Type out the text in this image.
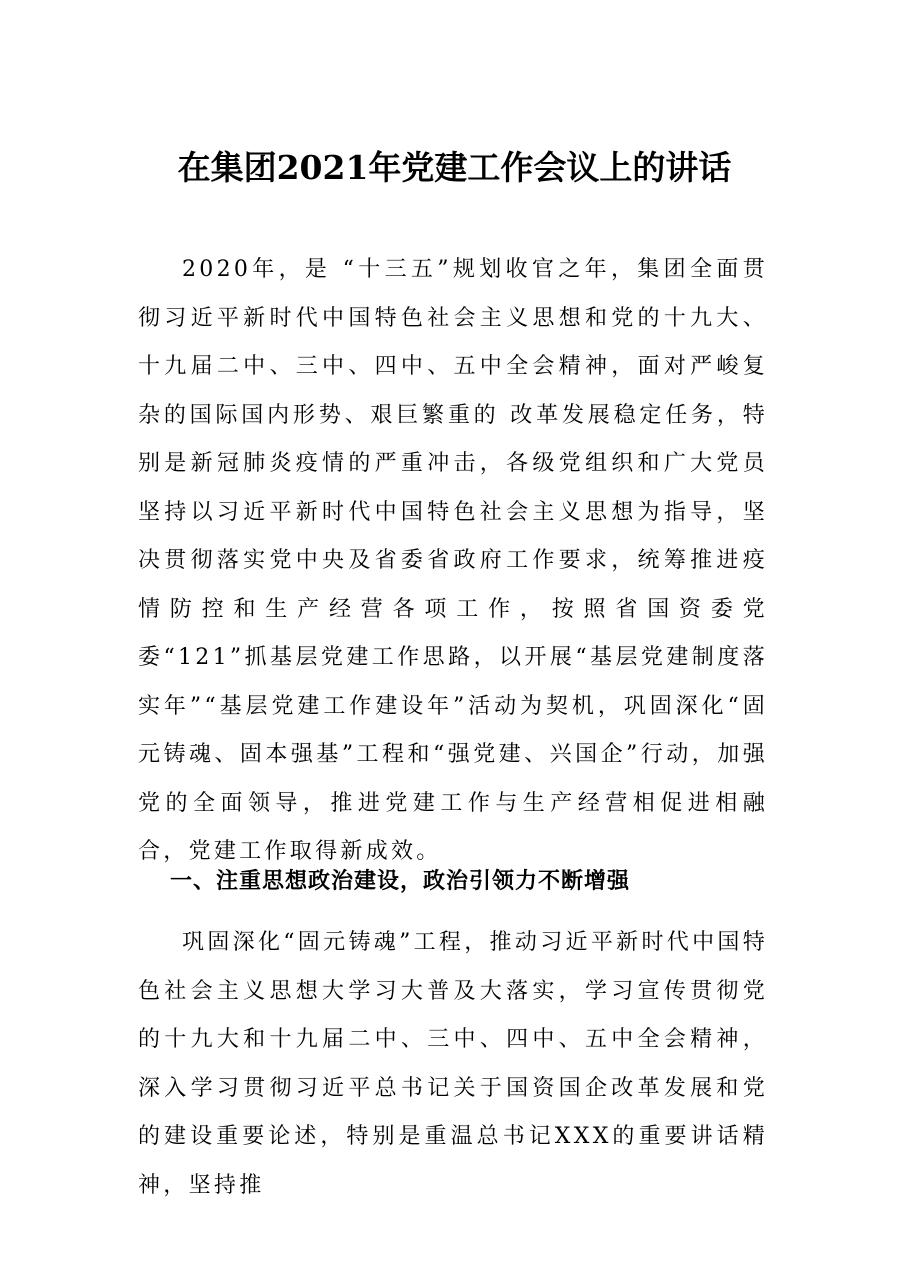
在集团2021年党建工作会议上的讲话
2020年，是 “十三五”规划收官之年，集团全面贯彻习近平新时代中国特色社会主义思想和党的十九大、十九届二中、三中、四中、五中全会精神，面对严峻复杂的国际国内形势、艰巨繁重的 改革发展稳定任务，特别是新冠肺炎疫情的严重冲击，各级党组织和广大党员坚持以习近平新时代中国特色社会主义思想为指导，坚决贯彻落实党中央及省委省政府工作要求，统筹推进疫情防控和生产经营各项工作，按照省国资委党委“121”抓基层党建工作思路，以开展“基层党建制度落实年”“基层党建工作建设年”活动为契机，巩固深化“固元铸魂、固本强基”工程和“强党建、兴国企”行动，加强党的全面领导，推进党建工作与生产经营相促进相融合，党建工作取得新成效。
一、注重思想政治建设，政治引领力不断增强
巩固深化“固元铸魂”工程，推动习近平新时代中国特色社会主义思想大学习大普及大落实，学习宣传贯彻党的十九大和十九届二中、三中、四中、五中全会精神，深入学习贯彻习近平总书记关于国资国企改革发展和党的建设重要论述，特别是重温总书记XXX的重要讲话精神，坚持推
